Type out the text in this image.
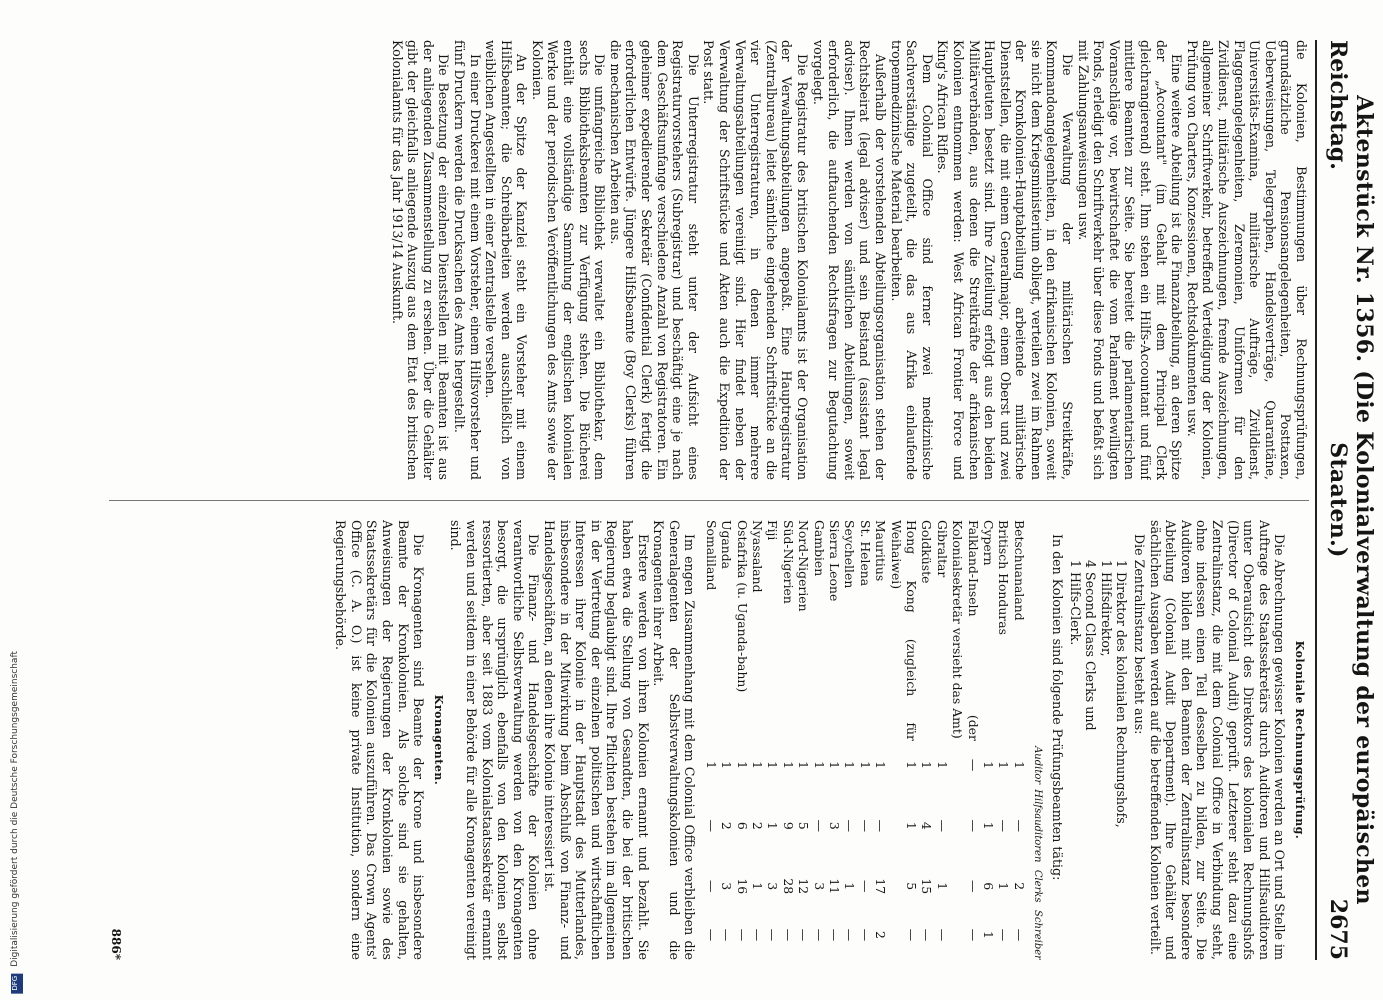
Reichstag. Aktenstück Nr. 1356. (Die Kolonialverwaltung der europäischen Staaten.)
2675

die Kolonien, Bestimmungen über Rechnungsprüfungen, grundsätzliche Pensionsangelegenheiten, Posttaxen, Ueberweisungen, Telegraphen, Handelsverträge, Quarantäne, Universitäts-Examina, militärische Aufträge, Zivildienst, Flaggenangelegenheiten, Zeremonien, Uniformen für den Zivildienst, militärische Auszeichnungen, fremde Auszeichnungen, allgemeiner Schriftverkehr, betreffend Verteidigung der Kolonien, Prüfung von Charters, Konzessionen, Rechtsdokumenten usw.

Eine weitere Abteilung ist die Finanzabteilung, an deren Spitze der „Accountant" (im Gehalt mit dem Principal Clerk gleichrangierend) steht. Ihm stehen ein Hilfs-Accountant und fünf mittlere Beamten zur Seite. Sie bereitet die parlamentarischen Voranschläge vor, bewirtschaftet die vom Parlament bewilligten Fonds, erledigt den Schriftverkehr über diese Fonds und befaßt sich mit Zahlungsanweisungen usw.

Die Verwaltung der militärischen Streitkräfte, Kommandoangelegenheiten, in den afrikanischen Kolonien, soweit sie nicht dem Kriegsministerium obliegt, verteilen zwei im Rahmen der Kronkolonien-Hauptabteilung arbeitende militärische Dienststellen, die mit einem Generalmajor, einem Oberst und zwei Hauptleuten besetzt sind. Ihre Zuteilung erfolgt aus den beiden Militärverbänden, aus denen die Streitkräfte der afrikanischen Kolonien entnommen werden: West African Frontier Force und King's African Rifles.

Dem Colonial Office sind ferner zwei medizinische Sachverständige zugeteilt, die das aus Afrika einlaufende tropenmedizinische Material bearbeiten.

Außerhalb der vorstehenden Abteilungsorganisation stehen der Rechtsbeirat (legal adviser) und sein Beistand (assistant legal adviser). Ihnen werden von sämtlichen Abteilungen, soweit erforderlich, die auftauchenden Rechtsfragen zur Begutachtung vorgelegt.

Die Registratur des britischen Kolonialamts ist der Organisation der Verwaltungsabteilungen angepaßt. Eine Hauptregistratur (Zentralbureau) leitet sämtliche eingehenden Schriftstücke an die vier Unterregistraturen, in denen immer mehrere Verwaltungsabteilungen vereinigt sind. Hier findet neben der Verwaltung der Schriftstücke und Akten auch die Expedition der Post statt.

Die Unterregistratur steht unter der Aufsicht eines Registraturvorstehers (Subregistrar) und beschäftigt eine je nach dem Geschäftsumfange verschiedene Anzahl von Registratoren. Ein geheimer expedierender Sekretär (Confidential Clerk) fertigt die erforderlichen Entwürfe. Jüngere Hilfsbeamte (Boy Clerks) führen die mechanischen Arbeiten aus.

Die umfangreiche Bibliothek verwaltet ein Bibliothekar, dem sechs Bibliotheksbeamten zur Verfügung stehen. Die Bücherei enthält eine vollständige Sammlung der englischen kolonialen Werke und der periodischen Veröffentlichungen des Amts sowie der Kolonien.

An der Spitze der Kanzlei steht ein Vorsteher mit einem Hilfsbeamten; die Schreibarbeiten werden ausschließlich von weiblichen Angestellten in einer Zentralstelle versehen.

In einer Druckerei mit einem Vorsteher, einem Hilfsvorsteher und fünf Druckern werden die Drucksachen des Amts hergestellt.

Die Besetzung der einzelnen Dienststellen mit Beamten ist aus der anliegenden Zusammenstellung zu ersehen. Über die Gehälter gibt der gleichfalls anliegende Auszug aus dem Etat des britischen Kolonialamts für das Jahr 1913/14 Auskunft.

Koloniale Rechnungsprüfung.

Die Abrechnungen gewisser Kolonien werden an Ort und Stelle im Auftrage des Staatssekretärs durch Auditoren und Hilfsauditoren unter Oberaufsicht des Direktors des kolonialen Rechnungshofs (Director of Colonial Audit) geprüft. Letzterer steht dazu eine Zentralinstanz, die mit dem Colonial Office in Verbindung steht, ohne indessen einen Teil desselben zu bilden, zur Seite. Die Auditoren bilden mit den Beamten der Zentralinstanz besondere Abteilung (Colonial Audit Department). Ihre Gehälter und sächlichen Ausgaben werden auf die betreffenden Kolonien verteilt.

Die Zentralinstanz besteht aus:

1 Direktor des kolonialen Rechnungshofs,
1 Hilfsdirektor,
4 Second Class Clerks und
1 Hilfs-Clerk.

In den Kolonien sind folgende Prüfungsbeamten tätig:

	Auditor	Hilfsauditoren	Clerks	Schreiber
Betschuanaland	1	—	2	—
Britisch Honduras	1	—	1	—
Cypern	1	1	6	1
Falkland-Inseln (der Kolonialsekretär versieht das Amt)	—	—	—	—
Gibraltar	1	—	1	—
Goldküste	1	4	15	—
Hong Kong (zugleich für Weihaiwei)	1	1	5	—
Mauritius	1	—	17	2
St. Helena	1	—	—	—
Seychellen	1	—	1	—
Sierra Leone	1	3	11	—
Gambien	1	—	3	—
Nord-Nigerien	1	5	12	—
Süd-Nigerien	1	9	28	—
Fiji	1	1	3	—
Nyassaland	1	2	1	—
Ostafrika (u. Uganda-bahn)	1	6	16	—
Uganda	1	2	3	—
Somaliland	1	—	—	—

Im engen Zusammenhang mit dem Colonial Office verbleiben die Generalagenten der Selbstverwaltungskolonien und die Kronagenten ihrer Arbeit.

Erstere werden von ihren Kolonien ernannt und bezahlt. Sie haben etwa die Stellung von Gesandten, die bei der britischen Regierung beglaubigt sind. Ihre Pflichten bestehen im allgemeinen in der Vertretung der einzelnen politischen und wirtschaftlichen Interessen ihrer Kolonie in der Hauptstadt des Mutterlandes, insbesondere in der Mitwirkung beim Abschluß von Finanz- und Handelsgeschäften, an denen ihre Kolonie interessiert ist.

Die Finanz- und Handelsgeschäfte der Kolonien ohne verantwortliche Selbstverwaltung werden von den Kronagenten besorgt, die ursprünglich ebenfalls von den Kolonien selbst ressortierten, aber seit 1883 vom Kolonialstaatssekretär ernannt werden und seitdem in einer Behörde für alle Kronagenten vereinigt sind.

Kronagenten.

Die Kronagenten sind Beamte der Krone und insbesondere Beamte der Kronkolonien. Als solche sind sie gehalten, Anweisungen der Regierungen der Kronkolonien sowie des Staatssekretärs für die Kolonien auszuführen. Das Crown Agents' Office (C. A. O.) ist keine private Institution, sondern eine Regierungsbehörde.

886*
DFG Digitalisierung gefördert durch die Deutsche Forschungsgemeinschaft
